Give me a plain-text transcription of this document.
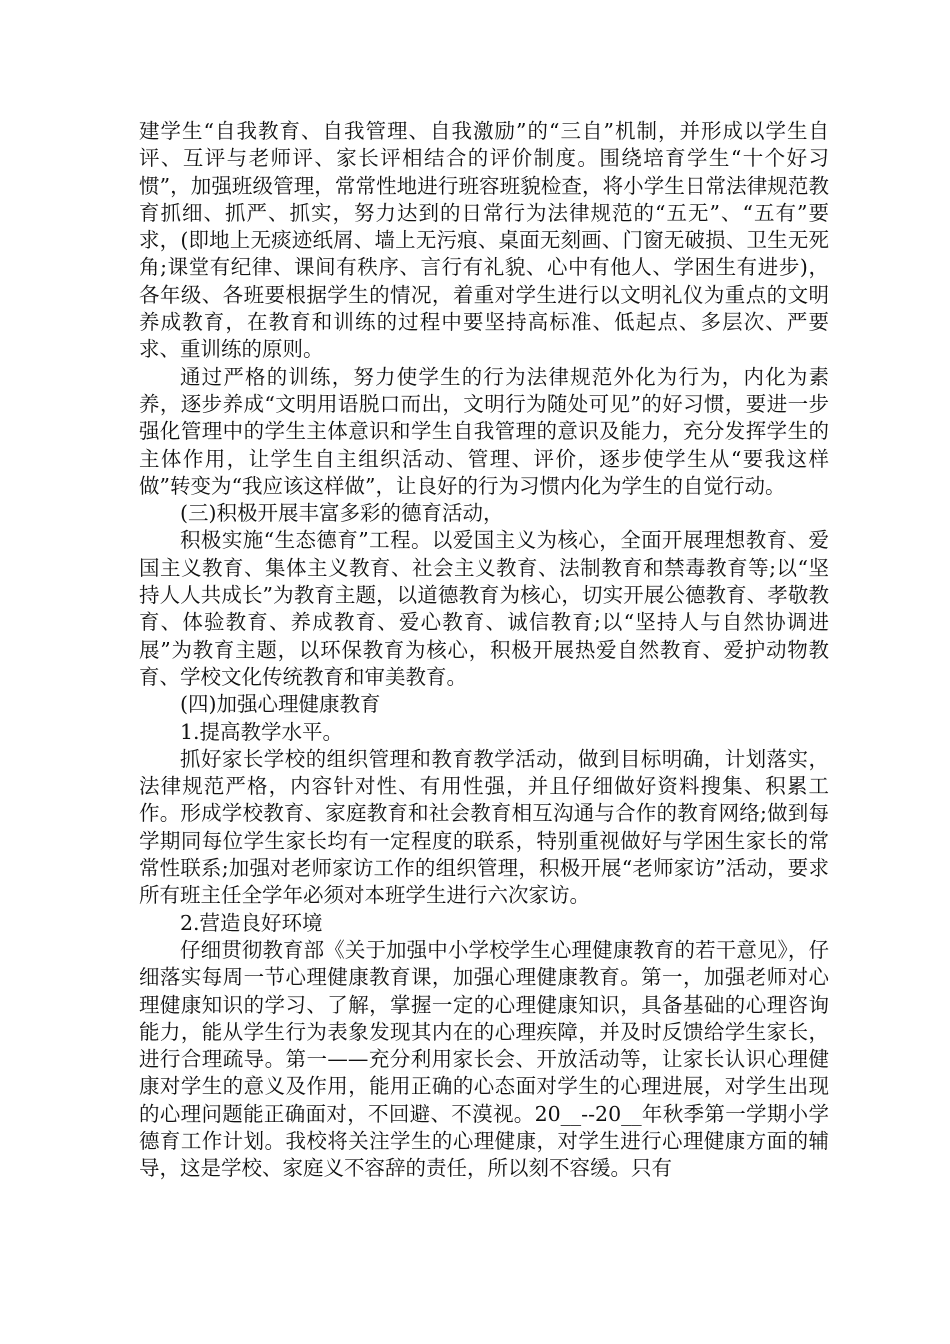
建学生“自我教育、自我管理、自我激励”的“三自”机制，并形成以学生自评、互评与老师评、家长评相结合的评价制度。围绕培育学生“十个好习惯”，加强班级管理，常常性地进行班容班貌检查，将小学生日常法律规范教育抓细、抓严、抓实，努力达到的日常行为法律规范的“五无”、“五有”要求，(即地上无痰迹纸屑、墙上无污痕、桌面无刻画、门窗无破损、卫生无死角;课堂有纪律、课间有秩序、言行有礼貌、心中有他人、学困生有进步)，各年级、各班要根据学生的情况，着重对学生进行以文明礼仪为重点的文明养成教育，在教育和训练的过程中要坚持高标准、低起点、多层次、严要求、重训练的原则。

通过严格的训练，努力使学生的行为法律规范外化为行为，内化为素养，逐步养成“文明用语脱口而出，文明行为随处可见”的好习惯，要进一步强化管理中的学生主体意识和学生自我管理的意识及能力，充分发挥学生的主体作用，让学生自主组织活动、管理、评价，逐步使学生从“要我这样做”转变为“我应该这样做”，让良好的行为习惯内化为学生的自觉行动。

(三)积极开展丰富多彩的德育活动，

积极实施“生态德育”工程。以爱国主义为核心，全面开展理想教育、爱国主义教育、集体主义教育、社会主义教育、法制教育和禁毒教育等;以“坚持人人共成长”为教育主题，以道德教育为核心，切实开展公德教育、孝敬教育、体验教育、养成教育、爱心教育、诚信教育;以“坚持人与自然协调进展”为教育主题，以环保教育为核心，积极开展热爱自然教育、爱护动物教育、学校文化传统教育和审美教育。

(四)加强心理健康教育

1.提高教学水平。

抓好家长学校的组织管理和教育教学活动，做到目标明确，计划落实，法律规范严格，内容针对性、有用性强，并且仔细做好资料搜集、积累工作。形成学校教育、家庭教育和社会教育相互沟通与合作的教育网络;做到每学期同每位学生家长均有一定程度的联系，特别重视做好与学困生家长的常常性联系;加强对老师家访工作的组织管理，积极开展“老师家访”活动，要求所有班主任全学年必须对本班学生进行六次家访。

2.营造良好环境

仔细贯彻教育部《关于加强中小学校学生心理健康教育的若干意见》，仔细落实每周一节心理健康教育课，加强心理健康教育。第一，加强老师对心理健康知识的学习、了解，掌握一定的心理健康知识，具备基础的心理咨询能力，能从学生行为表象发现其内在的心理疾障，并及时反馈给学生家长，进行合理疏导。第一——充分利用家长会、开放活动等，让家长认识心理健康对学生的意义及作用，能用正确的心态面对学生的心理进展，对学生出现的心理问题能正确面对，不回避、不漠视。20__--20__年秋季第一学期小学德育工作计划。我校将关注学生的心理健康，对学生进行心理健康方面的辅导，这是学校、家庭义不容辞的责任，所以刻不容缓。只有
